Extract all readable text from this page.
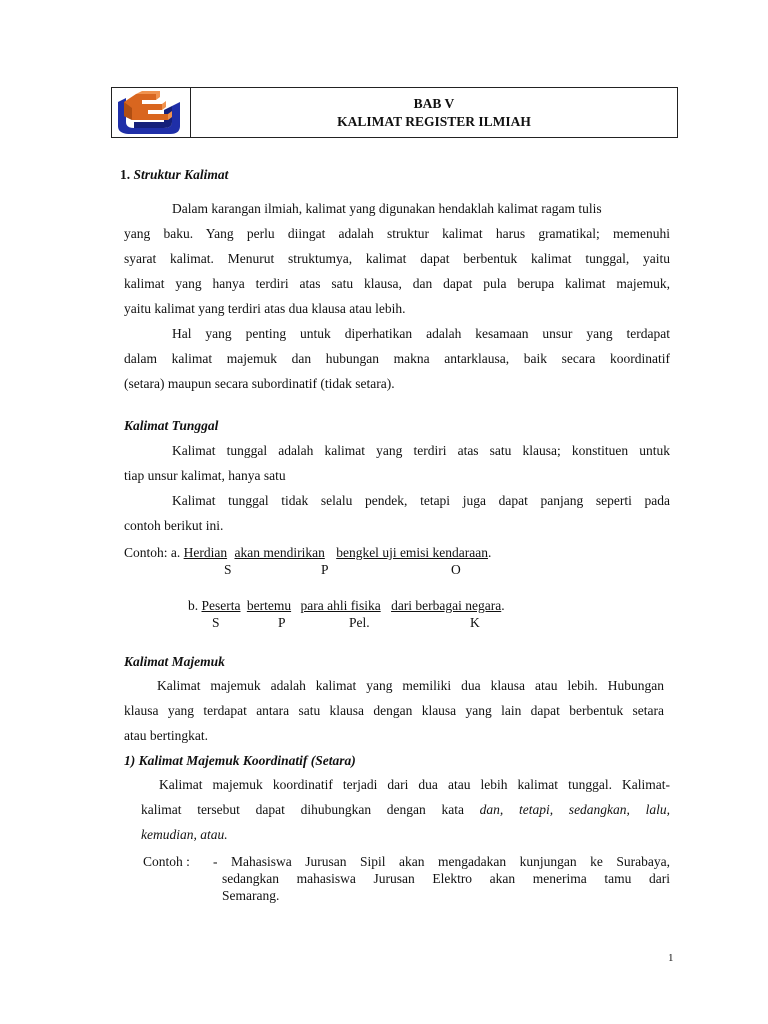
BAB V
KALIMAT REGISTER ILMIAH
1. Struktur Kalimat
Dalam karangan ilmiah, kalimat yang digunakan hendaklah kalimat ragam tulis
yang baku. Yang perlu diingat adalah struktur kalimat harus gramatikal; memenuhi
syarat kalimat. Menurut struktumya, kalimat dapat berbentuk kalimat tunggal, yaitu
kalimat yang hanya terdiri atas satu klausa, dan dapat pula berupa kalimat majemuk,
yaitu kalimat yang terdiri atas dua klausa atau lebih.
Hal yang penting untuk diperhatikan adalah kesamaan unsur yang terdapat
dalam kalimat majemuk dan hubungan makna antarklausa, baik secara koordinatif
(setara) maupun secara subordinatif (tidak setara).
Kalimat Tunggal
Kalimat tunggal adalah kalimat yang terdiri atas satu klausa; konstituen untuk
tiap unsur kalimat, hanya satu
Kalimat tunggal tidak selalu pendek, tetapi juga dapat panjang seperti pada
contoh berikut ini.
Contoh: a. Herdian akan mendirikan bengkel uji emisi kendaraan.
S	P	O
b. Peserta bertemu para ahli fisika dari berbagai negara.
S	P	Pel.	K
Kalimat Majemuk
Kalimat majemuk adalah kalimat yang memiliki dua klausa atau lebih. Hubungan
klausa yang terdapat antara satu klausa dengan klausa yang lain dapat berbentuk setara
atau bertingkat.
1) Kalimat Majemuk Koordinatif (Setara)
Kalimat majemuk koordinatif terjadi dari dua atau lebih kalimat tunggal. Kalimat-
kalimat tersebut dapat dihubungkan dengan kata dan, tetapi, sedangkan, lalu,
kemudian, atau.
Contoh : - Mahasiswa Jurusan Sipil akan mengadakan kunjungan ke Surabaya,
sedangkan mahasiswa Jurusan Elektro akan menerima tamu dari
Semarang.
1
